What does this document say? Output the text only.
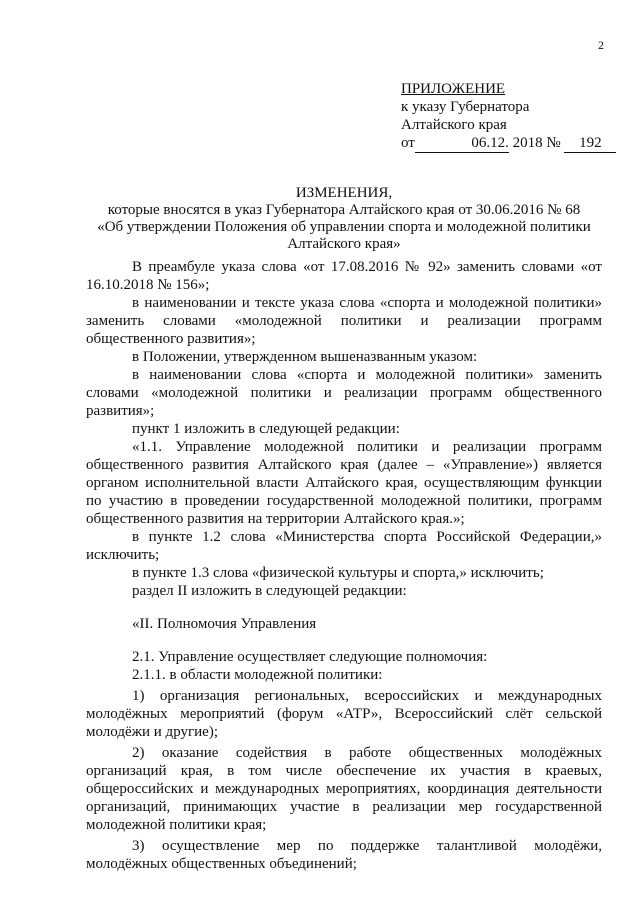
2
ПРИЛОЖЕНИЕ
к указу Губернатора
Алтайского края
от	06.12. 2018 № 192
ИЗМЕНЕНИЯ,
которые вносятся в указ Губернатора Алтайского края от 30.06.2016 № 68
«Об утверждении Положения об управлении спорта и молодежной политики
Алтайского края»

В преамбуле указа слова «от 17.08.2016 № 92» заменить словами «от 16.10.2018 № 156»;

в наименовании и тексте указа слова «спорта и молодежной политики» заменить словами «молодежной политики и реализации программ общественного развития»;

в Положении, утвержденном вышеназванным указом:

в наименовании слова «спорта и молодежной политики» заменить словами «молодежной политики и реализации программ общественного развития»;

пункт 1 изложить в следующей редакции:

«1.1. Управление молодежной политики и реализации программ общественного развития Алтайского края (далее – «Управление») является органом исполнительной власти Алтайского края, осуществляющим функции по участию в проведении государственной молодежной политики, программ общественного развития на территории Алтайского края.»;

в пункте 1.2 слова «Министерства спорта Российской Федерации,» исключить;

в пункте 1.3 слова «физической культуры и спорта,» исключить;

раздел II изложить в следующей редакции:

«II. Полномочия Управления

2.1. Управление осуществляет следующие полномочия:

2.1.1. в области молодежной политики:

1) организация региональных, всероссийских и международных молодёжных мероприятий (форум «АТР», Всероссийский слёт сельской молодёжи и другие);

2) оказание содействия в работе общественных молодёжных организаций края, в том числе обеспечение их участия в краевых, общероссийских и международных мероприятиях, координация деятельности организаций, принимающих участие в реализации мер государственной молодежной политики края;

3) осуществление мер по поддержке талантливой молодёжи, молодёжных общественных объединений;
